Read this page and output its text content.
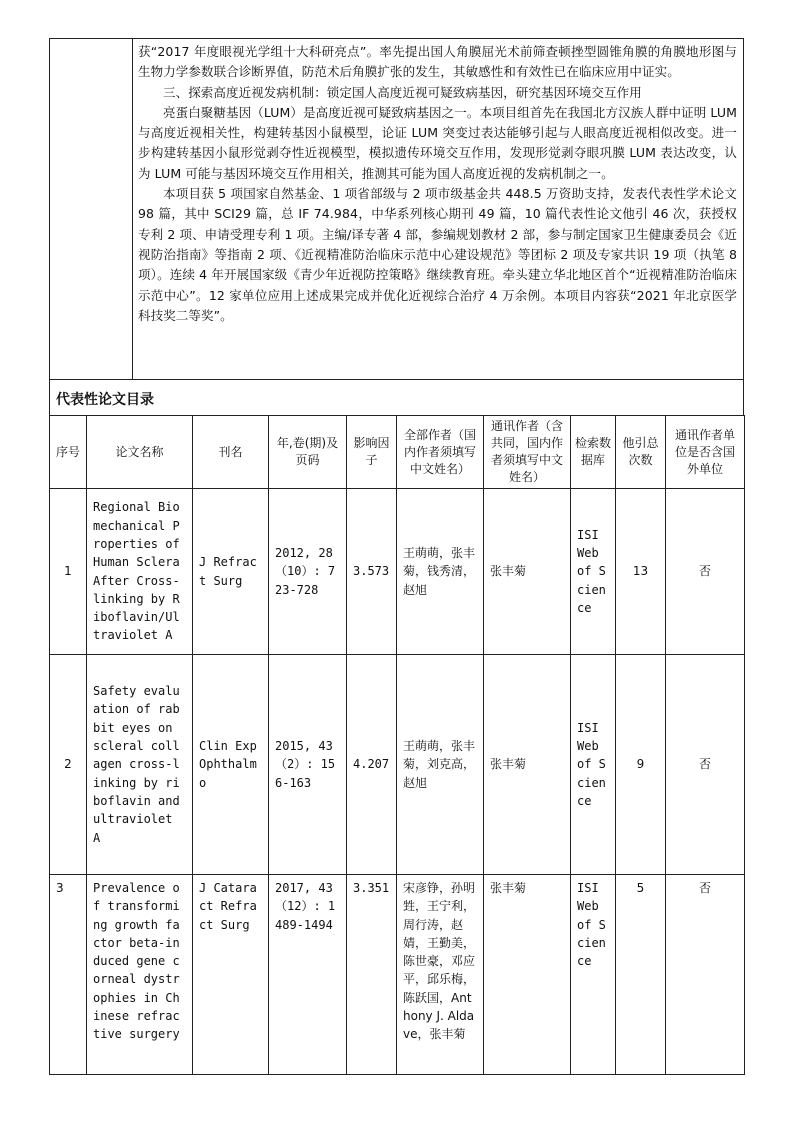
获“2017 年度眼视光学组十大科研亮点”。率先提出国人角膜屈光术前筛查顿挫型圆锥角膜的角膜地形图与生物力学参数联合诊断界值，防范术后角膜扩张的发生，其敏感性和有效性已在临床应用中证实。

三、探索高度近视发病机制：锁定国人高度近视可疑致病基因，研究基因环境交互作用

亮蛋白聚糖基因（LUM）是高度近视可疑致病基因之一。本项目组首先在我国北方汉族人群中证明 LUM 与高度近视相关性，构建转基因小鼠模型，论证 LUM 突变过表达能够引起与人眼高度近视相似改变。进一步构建转基因小鼠形觉剥夺性近视模型，模拟遗传环境交互作用，发现形觉剥夺眼巩膜 LUM 表达改变，认为 LUM 可能与基因环境交互作用相关，推测其可能为国人高度近视的发病机制之一。

本项目获 5 项国家自然基金、1 项省部级与 2 项市级基金共 448.5 万资助支持，发表代表性学术论文 98 篇，其中 SCI29 篇，总 IF 74.984，中华系列核心期刊 49 篇，10 篇代表性论文他引 46 次，获授权专利 2 项、申请受理专利 1 项。主编/译专著 4 部，参编规划教材 2 部，参与制定国家卫生健康委员会《近视防治指南》等指南 2 项、《近视精准防治临床示范中心建设规范》等团标 2 项及专家共识 19 项（执笔 8 项）。连续 4 年开展国家级《青少年近视防控策略》继续教育班。牵头建立华北地区首个“近视精准防治临床示范中心”。12 家单位应用上述成果完成并优化近视综合治疗 4 万余例。本项目内容获“2021 年北京医学科技奖二等奖”。

代表性论文目录
序号	论文名称	刊名	年,卷(期)及页码	影响因子	全部作者（国内作者须填写中文姓名）	通讯作者（含共同，国内作者须填写中文姓名）	检索数据库	他引总次数	通讯作者单位是否含国外单位
1	Regional Biomechanical Properties of Human Sclera After Cross-linking by Riboflavin/Ultraviolet A	J Refract Surg	2012, 28（10）: 723-728	3.573	王萌萌，张丰菊，钱秀清，赵旭	张丰菊	ISI Web of Science	13	否
2	Safety evaluation of rabbit eyes on scleral collagen cross-linking by riboflavin and ultraviolet A	Clin Exp Ophthalmo	2015, 43（2）: 156-163	4.207	王萌萌，张丰菊，刘克高，赵旭	张丰菊	ISI Web of Science	9	否
3	Prevalence of transforming growth factor beta-induced gene corneal dystrophies in Chinese refractive surgery	J Cataract Refract Surg	2017, 43（12）: 1489-1494	3.351	宋彦铮，孙明甡，王宁利，周行涛，赵婧，王勤美，陈世豪，邓应平，邱乐梅，陈跃国，Anthony J. Aldave，张丰菊	张丰菊	ISI Web of Science	5	否
